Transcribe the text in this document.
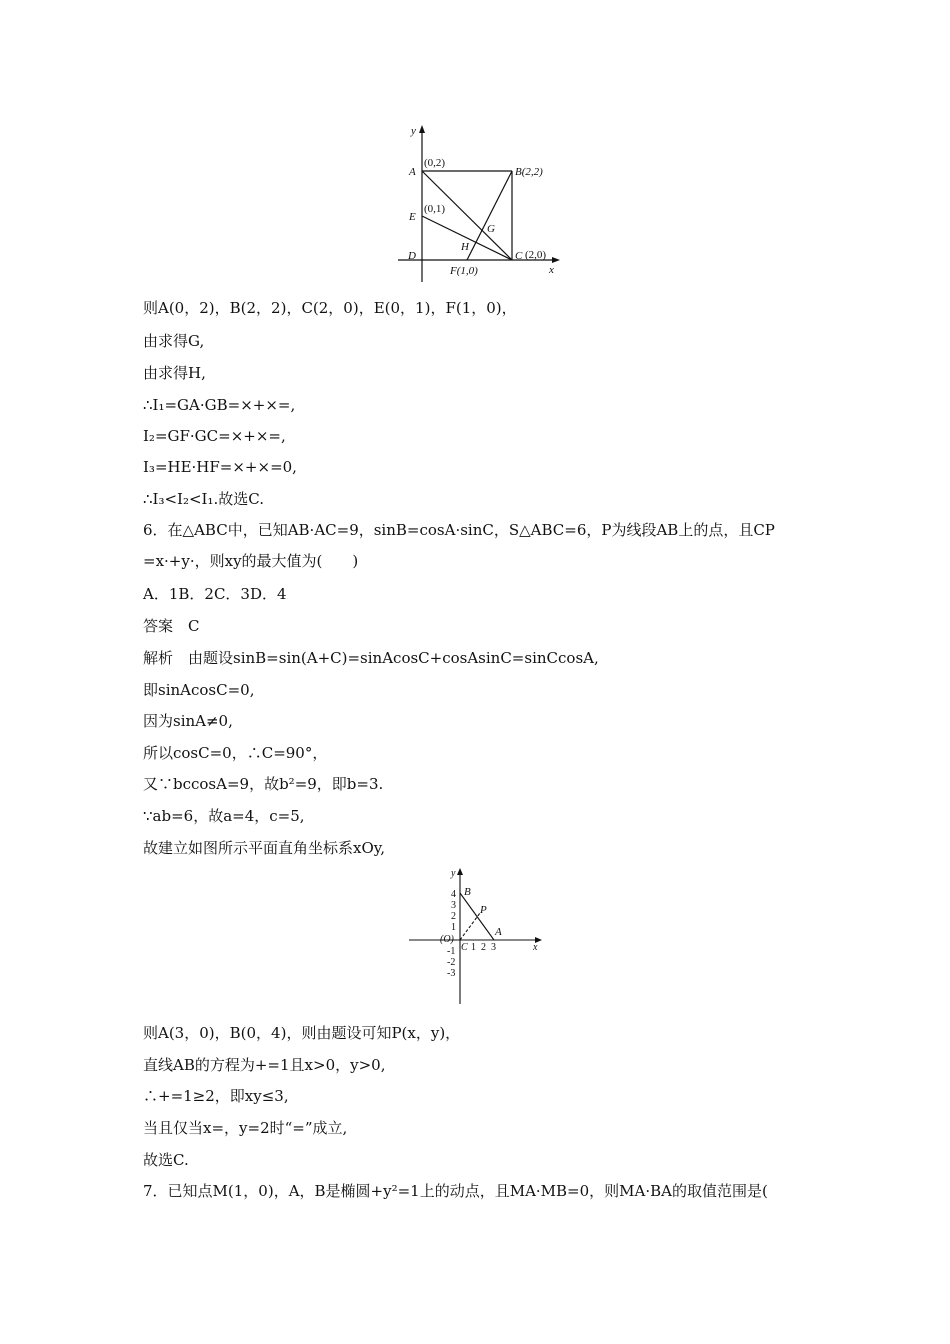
y
A
(0,2)
B(2,2)
E
(0,1)
D	C (2,0)
F(1,0)
G
H
x
则A(0，2)，B(2，2)，C(2，0)，E(0，1)，F(1，0)，
由求得G,
由求得H,
∴I₁=GA·GB=×+×=,
I₂=GF·GC=×+×=,
I₃=HE·HF=×+×=0,
∴I₃<I₂<I₁.故选C.
6．在△ABC中，已知AB·AC=9，sinB=cosA·sinC，S△ABC=6，P为线段AB上的点，且CP
=x·+y·，则xy的最大值为(　　)
A．1B．2C．3D．4
答案　C
解析　由题设sinB=sin(A+C)=sinAcosC+cosAsinC=sinCcosA,
即sinAcosC=0,
因为sinA≠0,
所以cosC=0，∴C=90°，
又∵bccosA=9，故b²=9，即b=3.
∵ab=6，故a=4，c=5,
故建立如图所示平面直角坐标系xOy,
y
B
P
A
(O)
C	x
1 2 3
4
3
2
1
-1
-2
-3
则A(3，0)，B(0，4)，则由题设可知P(x，y)，
直线AB的方程为+=1且x>0，y>0,
∴+=1≥2，即xy≤3,
当且仅当x=，y=2时“=”成立,
故选C.
7．已知点M(1，0)，A，B是椭圆+y²=1上的动点，且MA·MB=0，则MA·BA的取值范围是(
